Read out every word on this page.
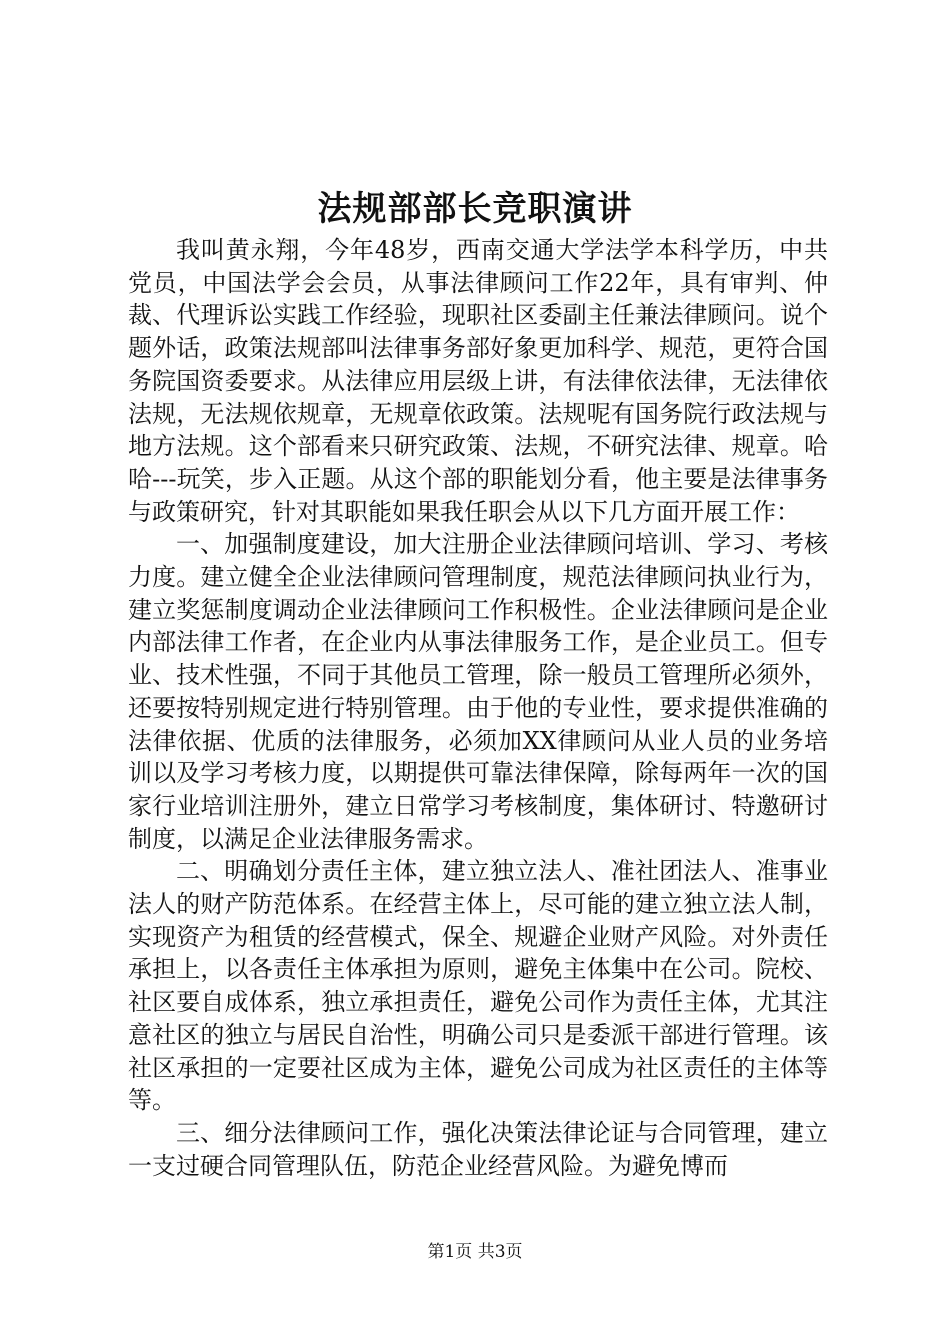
法规部部长竞职演讲

我叫黄永翔，今年48岁，西南交通大学法学本科学历，中共党员，中国法学会会员，从事法律顾问工作22年，具有审判、仲裁、代理诉讼实践工作经验，现职社区委副主任兼法律顾问。说个题外话，政策法规部叫法律事务部好象更加科学、规范，更符合国务院国资委要求。从法律应用层级上讲，有法律依法律，无法律依法规，无法规依规章，无规章依政策。法规呢有国务院行政法规与地方法规。这个部看来只研究政策、法规，不研究法律、规章。哈哈---玩笑，步入正题。从这个部的职能划分看，他主要是法律事务与政策研究，针对其职能如果我任职会从以下几方面开展工作：

一、加强制度建设，加大注册企业法律顾问培训、学习、考核力度。建立健全企业法律顾问管理制度，规范法律顾问执业行为，建立奖惩制度调动企业法律顾问工作积极性。企业法律顾问是企业内部法律工作者，在企业内从事法律服务工作，是企业员工。但专业、技术性强，不同于其他员工管理，除一般员工管理所必须外，还要按特别规定进行特别管理。由于他的专业性，要求提供准确的法律依据、优质的法律服务，必须加XX律顾问从业人员的业务培训以及学习考核力度，以期提供可靠法律保障，除每两年一次的国家行业培训注册外，建立日常学习考核制度，集体研讨、特邀研讨制度，以满足企业法律服务需求。

二、明确划分责任主体，建立独立法人、准社团法人、准事业法人的财产防范体系。在经营主体上，尽可能的建立独立法人制，实现资产为租赁的经营模式，保全、规避企业财产风险。对外责任承担上，以各责任主体承担为原则，避免主体集中在公司。院校、社区要自成体系，独立承担责任，避免公司作为责任主体，尤其注意社区的独立与居民自治性，明确公司只是委派干部进行管理。该社区承担的一定要社区成为主体，避免公司成为社区责任的主体等等。

三、细分法律顾问工作，强化决策法律论证与合同管理，建立一支过硬合同管理队伍，防范企业经营风险。为避免博而

第1页 共3页
